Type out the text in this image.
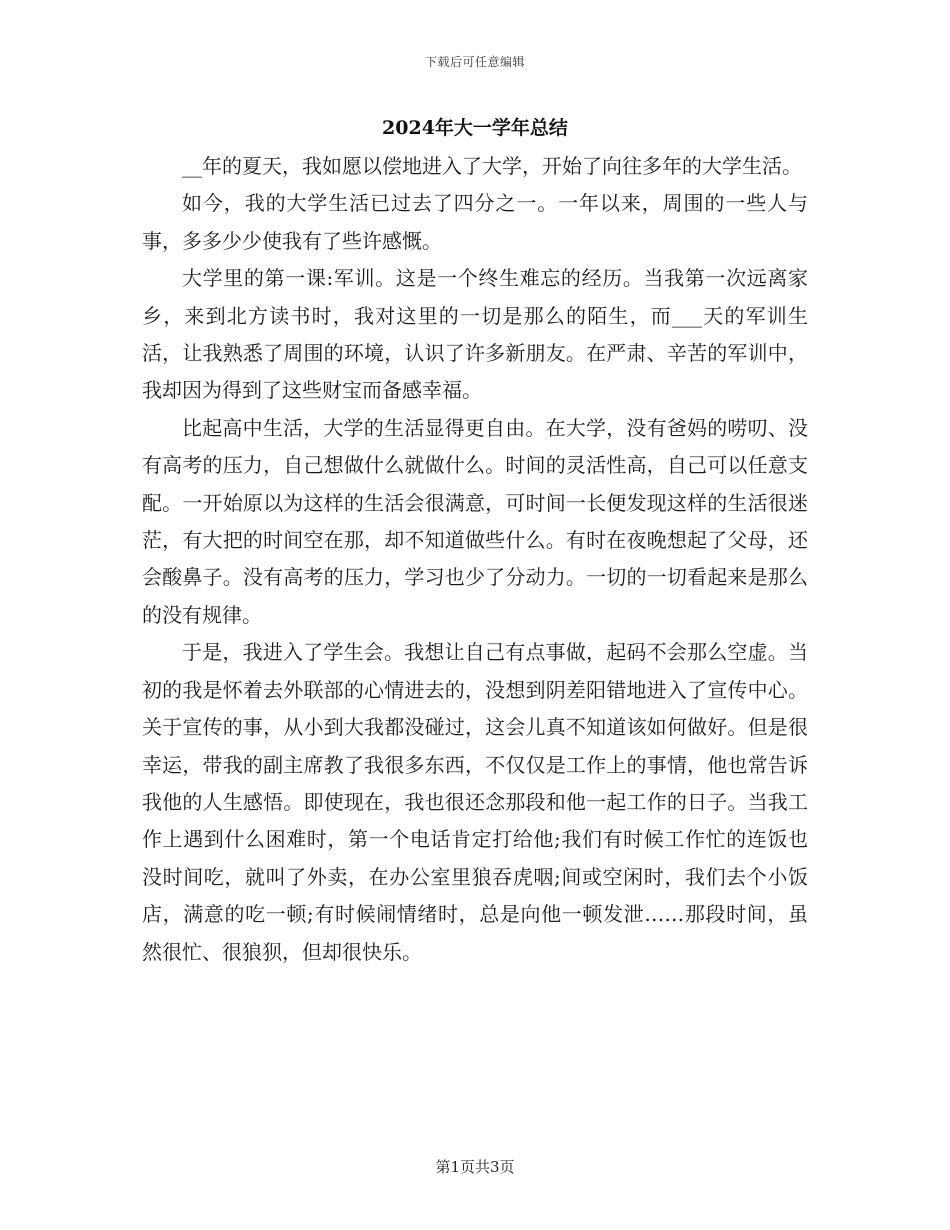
下载后可任意编辑
2024年大一学年总结

__年的夏天，我如愿以偿地进入了大学，开始了向往多年的大学生活。

如今，我的大学生活已过去了四分之一。一年以来，周围的一些人与事，多多少少使我有了些许感慨。

大学里的第一课:军训。这是一个终生难忘的经历。当我第一次远离家乡，来到北方读书时，我对这里的一切是那么的陌生，而___天的军训生活，让我熟悉了周围的环境，认识了许多新朋友。在严肃、辛苦的军训中，我却因为得到了这些财宝而备感幸福。

比起高中生活，大学的生活显得更自由。在大学，没有爸妈的唠叨、没有高考的压力，自己想做什么就做什么。时间的灵活性高，自己可以任意支配。一开始原以为这样的生活会很满意，可时间一长便发现这样的生活很迷茫，有大把的时间空在那，却不知道做些什么。有时在夜晚想起了父母，还会酸鼻子。没有高考的压力，学习也少了分动力。一切的一切看起来是那么的没有规律。

于是，我进入了学生会。我想让自己有点事做，起码不会那么空虚。当初的我是怀着去外联部的心情进去的，没想到阴差阳错地进入了宣传中心。关于宣传的事，从小到大我都没碰过，这会儿真不知道该如何做好。但是很幸运，带我的副主席教了我很多东西，不仅仅是工作上的事情，他也常告诉我他的人生感悟。即使现在，我也很还念那段和他一起工作的日子。当我工作上遇到什么困难时，第一个电话肯定打给他;我们有时候工作忙的连饭也没时间吃，就叫了外卖，在办公室里狼吞虎咽;间或空闲时，我们去个小饭店，满意的吃一顿;有时候闹情绪时，总是向他一顿发泄……那段时间，虽然很忙、很狼狈，但却很快乐。

第1页共3页
